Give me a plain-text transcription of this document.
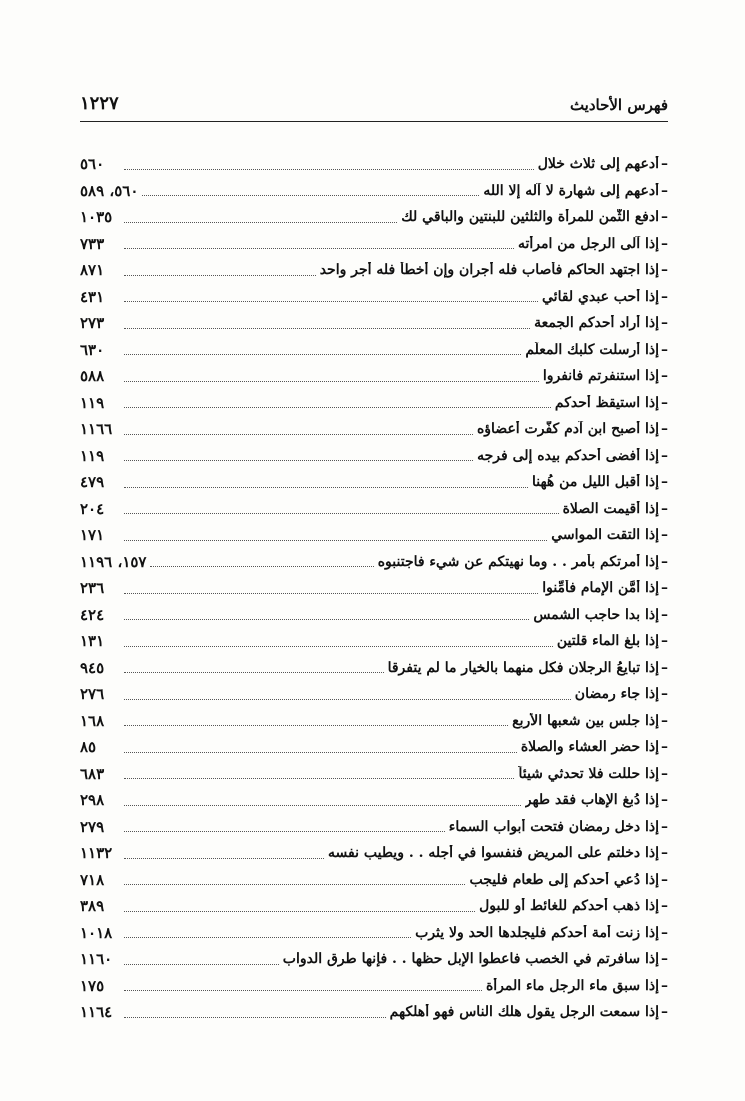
فهرس الأحاديث
١٢٢٧
–
أدعهم إلى ثلاث خلال
٥٦٠
–
أدعهم إلى شهارة لا آله إلا الله
٥٦٠، ٥٨٩
–
ادفع الثُّمن للمرأة والثلثين للبنتين والباقي لك
١٠٣٥
–
إذا آلى الرجل من امرأته
٧٣٣
–
إذا اجتهد الحاكم فأصاب فله أجران وإن أخطأ فله أجر واحد
٨٧١
–
إذا أحب عبدي لقائي
٤٣١
–
إذا أراد أحدكم الجمعة
٢٧٣
–
إذا أرسلت كلبك المعلَّم
٦٣٠
–
إذا استنفرتم فانفروا
٥٨٨
–
إذا استيقظ أحدكم
١١٩
–
إذا أصبح ابن آدم كفَّرت أعضاؤه
١١٦٦
–
إذا أفضى أحدكم بيده إلى فرجه
١١٩
–
إذا أقبل الليل من هُهنا
٤٧٩
–
إذا أُقيمت الصلاة
٢٠٤
–
إذا التقت المواسي
١٧١
–
إذا أمرتكم بأمر . . وما نهيتكم عن شيء فاجتنبوه
١٥٧، ١١٩٦
–
إذا أمَّن الإمام فأمِّنوا
٢٣٦
–
إذا بدا حاجب الشمس
٤٢٤
–
إذا بلغ الماء قلتين
١٣١
–
إذا تبايعُ الرجلان فكل منهما بالخيار ما لم يتفرقا
٩٤٥
–
إذا جاء رمضان
٢٧٦
–
إذا جلس بين شعبها الأربع
١٦٨
–
إذا حضر العشاء والصلاة
٨٥
–
إذا حللت فلا تحدثي شيئاً
٦٨٣
–
إذا دُبغ الإهاب فقد طهر
٢٩٨
–
إذا دخل رمضان فتحت أبواب السماء
٢٧٩
–
إذا دخلتم على المريض فنفسوا في أجله . . ويطيب نفسه
١١٣٢
–
إذا دُعي أحدكم إلى طعام فليجب
٧١٨
–
إذا ذهب أحدكم للغائط أو للبول
٣٨٩
–
إذا زنت أمة أحدكم فليجلدها الحد ولا يثرب
١٠١٨
–
إذا سافرتم في الخصب فاعطوا الإبل حظها . . فإنها طرق الدواب
١١٦٠
–
إذا سبق ماء الرجل ماء المرأة
١٧٥
–
إذا سمعت الرجل يقول هلك الناس فهو أهلكهم
١١٦٤
